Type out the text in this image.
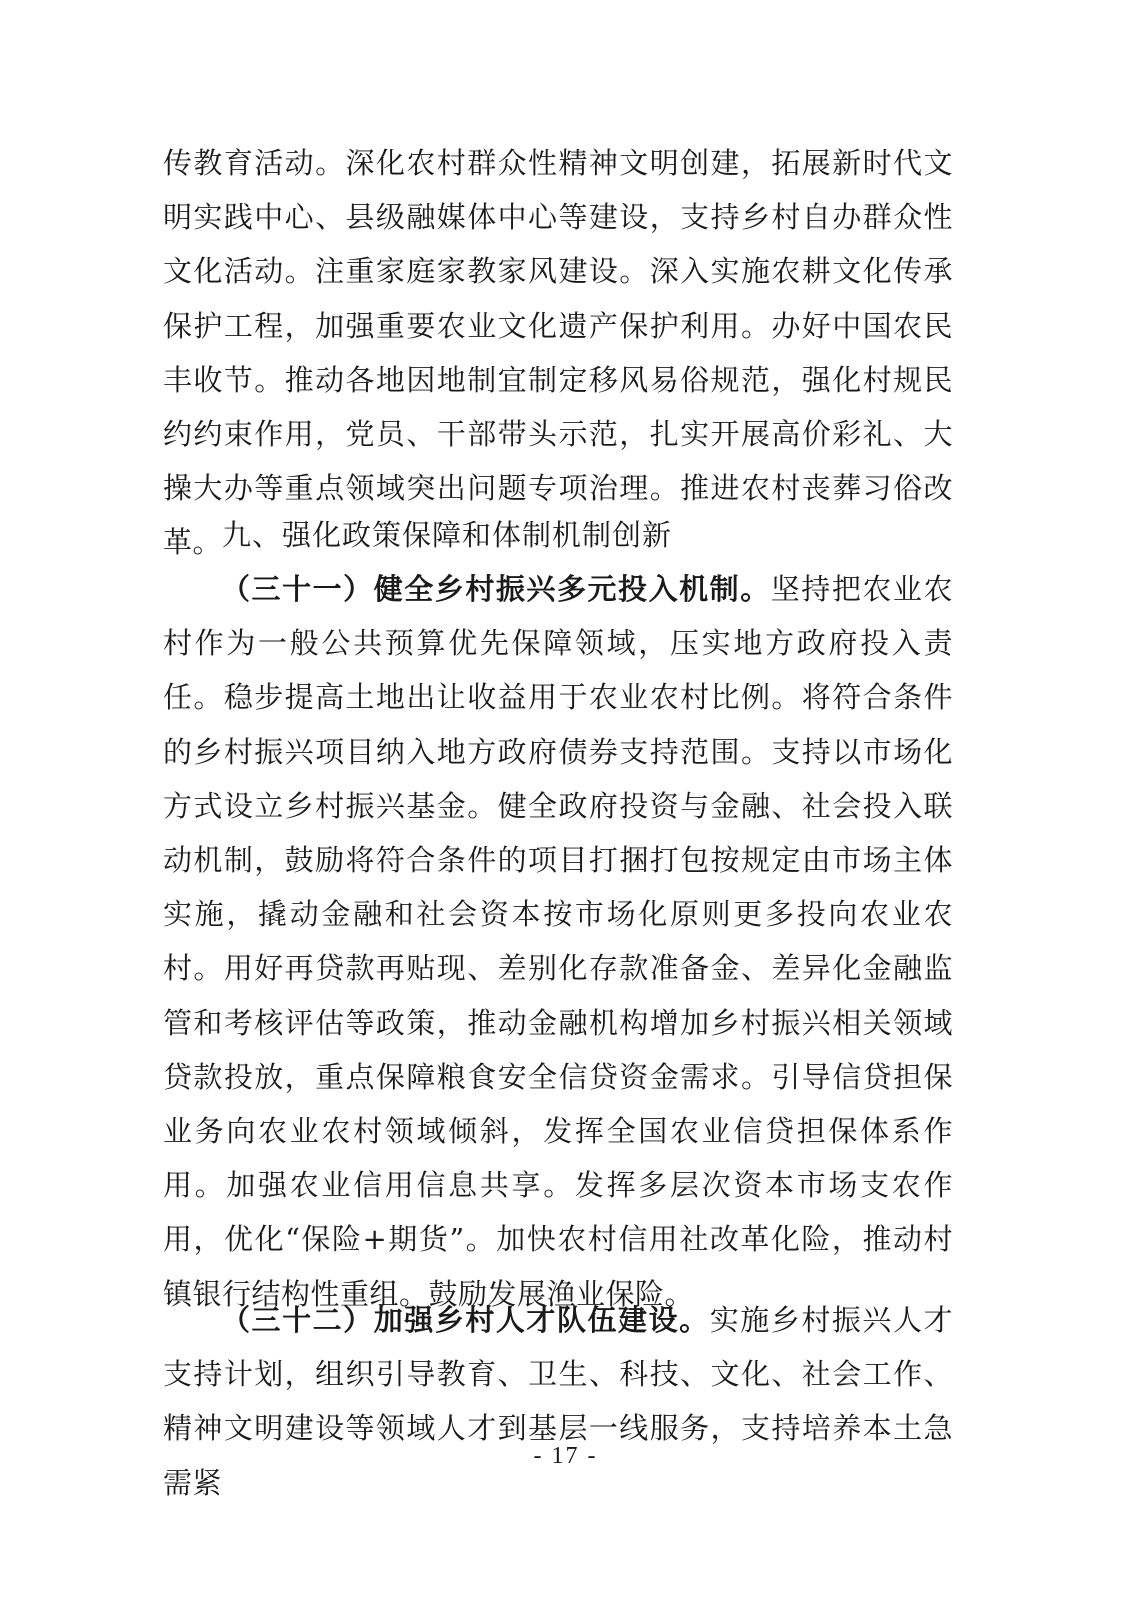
传教育活动。深化农村群众性精神文明创建，拓展新时代文明实践中心、县级融媒体中心等建设，支持乡村自办群众性文化活动。注重家庭家教家风建设。深入实施农耕文化传承保护工程，加强重要农业文化遗产保护利用。办好中国农民丰收节。推动各地因地制宜制定移风易俗规范，强化村规民约约束作用，党员、干部带头示范，扎实开展高价彩礼、大操大办等重点领域突出问题专项治理。推进农村丧葬习俗改革。 九、强化政策保障和体制机制创新
（三十一）健全乡村振兴多元投入机制。坚持把农业农村作为一般公共预算优先保障领域，压实地方政府投入责任。稳步提高土地出让收益用于农业农村比例。将符合条件的乡村振兴项目纳入地方政府债券支持范围。支持以市场化方式设立乡村振兴基金。健全政府投资与金融、社会投入联动机制，鼓励将符合条件的项目打捆打包按规定由市场主体实施，撬动金融和社会资本按市场化原则更多投向农业农村。用好再贷款再贴现、差别化存款准备金、差异化金融监管和考核评估等政策，推动金融机构增加乡村振兴相关领域贷款投放，重点保障粮食安全信贷资金需求。引导信贷担保业务向农业农村领域倾斜，发挥全国农业信贷担保体系作用。加强农业信用信息共享。发挥多层次资本市场支农作用，优化“保险+期货”。加快农村信用社改革化险，推动村镇银行结构性重组。鼓励发展渔业保险。
（三十二）加强乡村人才队伍建设。实施乡村振兴人才支持计划，组织引导教育、卫生、科技、文化、社会工作、精神文明建设等领域人才到基层一线服务，支持培养本土急需紧
- 17 -
